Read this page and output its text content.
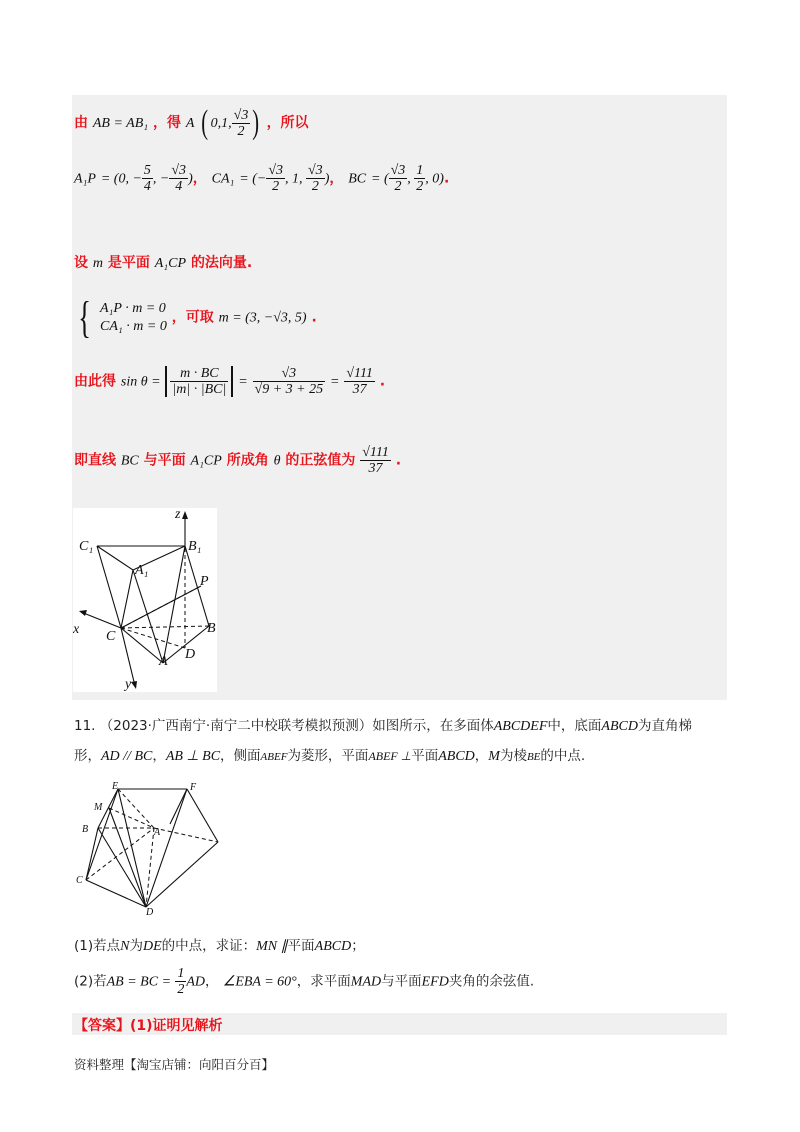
由 AB = AB₁ ，得 A ( 0,1, $\frac{√3}{2}$ ) ，所以
A₁P = (0, − $\frac{5}{4}$ , − $\frac{√3}{4}$ )， CA₁ = (− $\frac{√3}{2}$ , 1, $\frac{√3}{2}$ )， BC = ( $\frac{√3}{2}$ , $\frac{1}{2}$ , 0).
设 m 是平面 A₁CP 的法向量.
{ A₁P · m = 0
CA₁ · m = 0
，可取 m = (3, −√3, 5) .
由此得 $\sin \theta = \frac{m \cdot BC}{|m| \cdot |BC|} = \frac{√3}{√9 + 3 + 25} = \frac{√111}{37}$ .
即直线 BC 与平面 A₁CP 所成角 θ 的正弦值为 $\frac{√111}{37}$ .
z
C₁	B₁
A₁
P
x C
B
D
A
y
11. （2023·广西南宁·南宁二中校联考模拟预测）如图所示，在多面体ABCDEF中，底面ABCD为直角梯
形，AD // BC，AB ⊥ BC，侧面ABEF为菱形，平面ABEF ⊥平面ABCD，M为棱BE的中点.
E	F
M
B	A
C
D
(1)若点N为DE的中点，求证：MN ∥平面ABCD；
(2)若AB = BC = $\frac{1}{2}$ AD， ∠EBA = 60°，求平面MAD与平面EFD夹角的余弦值.
【答案】(1)证明见解析
资料整理【淘宝店铺：向阳百分百】
